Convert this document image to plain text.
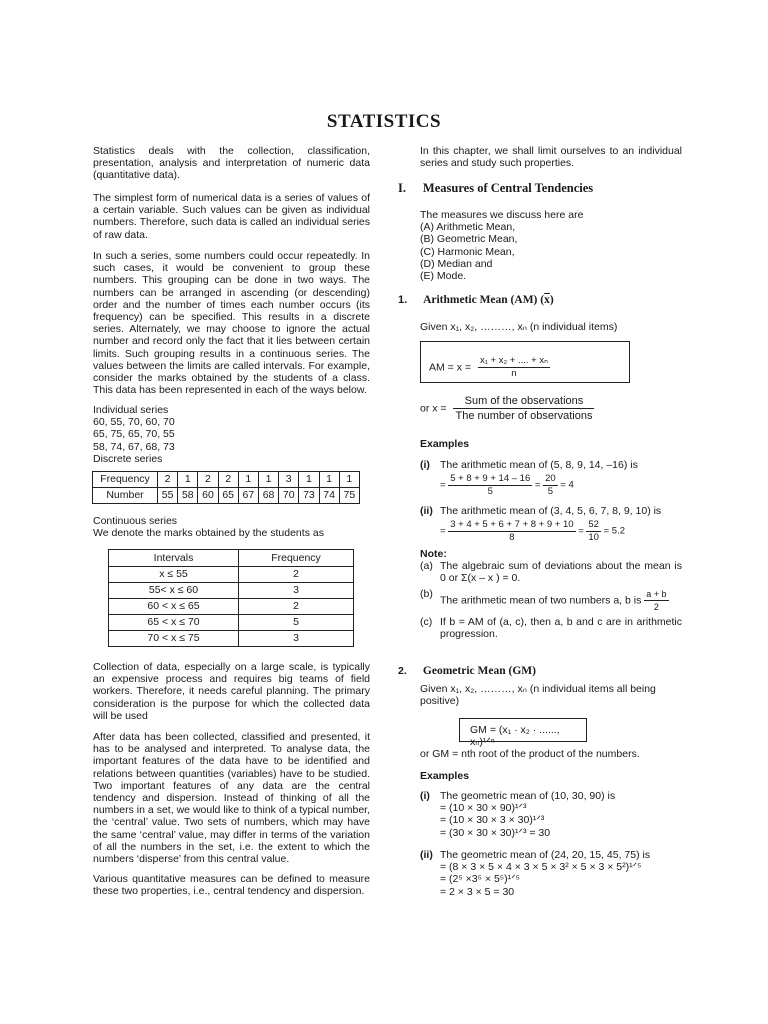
STATISTICS

Statistics deals with the collection, classification, presentation, analysis and interpretation of numeric data (quantitative data).

The simplest form of numerical data is a series of values of a certain variable. Such values can be given as individual numbers. Therefore, such data is called an individual series of raw data.

In such a series, some numbers could occur repeatedly. In such cases, it would be convenient to group these numbers. This grouping can be done in two ways. The numbers can be arranged in ascending (or descending) order and the number of times each number occurs (its frequency) can be specified. This results in a discrete series. Alternately, we may choose to ignore the actual number and record only the fact that it lies between certain limits. Such grouping results in a continuous series. The values between the limits are called intervals. For example, consider the marks obtained by the students of a class. This data has been represented in each of the ways below.

Individual series
60, 55, 70, 60, 70
65, 75, 65, 70, 55
58, 74, 67, 68, 73
Discrete series
Frequency	2	1	2	2	1	1	3	1	1	1
Number	55	58	60	65	67	68	70	73	74	75
Continuous series
We denote the marks obtained by the students as
Intervals	Frequency
x ≤ 55	2
55< x ≤ 60	3
60 < x ≤ 65	2
65 < x ≤ 70	5
70 < x ≤ 75	3

Collection of data, especially on a large scale, is typically an expensive process and requires big teams of field workers. Therefore, it needs careful planning. The primary consideration is the purpose for which the collected data will be used

After data has been collected, classified and presented, it has to be analysed and interpreted. To analyse data, the important features of the data have to be identified and relations between quantities (variables) have to be studied. Two important features of any data are the central tendency and dispersion. Instead of thinking of all the numbers in a set, we would like to think of a typical number, the ‘central’ value. Two sets of numbers, which may have the same ‘central’ value, may differ in terms of the variation of all the numbers in the set, i.e. the extent to which the numbers ‘disperse’ from this central value.

Various quantitative measures can be defined to measure these two properties, i.e., central tendency and dispersion.

In this chapter, we shall limit ourselves to an individual series and study such properties.

I. Measures of Central Tendencies
The measures we discuss here are
(A) Arithmetic Mean,
(B) Geometric Mean,
(C) Harmonic Mean,
(D) Median and
(E) Mode.
1. Arithmetic Mean (AM) $(\overline{x})$
Given x₁, x₂, ………, xₙ (n individual items)
AM = $x = \frac{\text{x₁ + x₂ + .... + xₙ}}{n}$
or $x = \frac{\text{Sum of the observations}}{\text{The number of observations}}$
Examples
(i) The arithmetic mean of (5, 8, 9, 14, –16) is
= $\frac{5 + 8 + 9 + 14 - 16}{5} = \frac{20}{5} = 4$
(ii) The arithmetic mean of (3, 4, 5, 6, 7, 8, 9, 10) is
= $\frac{3 + 4 + 5 + 6 + 7 + 8 + 9 + 10}{8} = \frac{52}{10} = 5.2$
Note:
(a) The algebraic sum of deviations about the mean is 0 or Σ(x – x ) = 0.
(b)
The arithmetic mean of two numbers a, b is $\frac{a + b}{2}$
(c) If b = AM of (a, c), then a, b and c are in arithmetic progression.
2. Geometric Mean (GM)
Given x₁, x₂, ………, xₙ (n individual items all being positive)
GM = (x₁ · x₂ · ......, xₙ)¹ᐟⁿ
or GM = nth root of the product of the numbers.
Examples
(i) The geometric mean of (10, 30, 90) is
= (10 × 30 × 90)¹ᐟ³
= (10 × 30 × 3 × 30)¹ᐟ³
= (30 × 30 × 30)¹ᐟ³ = 30
(ii) The geometric mean of (24, 20, 15, 45, 75) is
= (8 × 3 × 5 × 4 × 3 × 5 × 3² × 5 × 3 × 5²)¹ᐟ⁵
= (2⁵ ×3⁵ × 5⁵)¹ᐟ⁵
= 2 × 3 × 5 = 30
